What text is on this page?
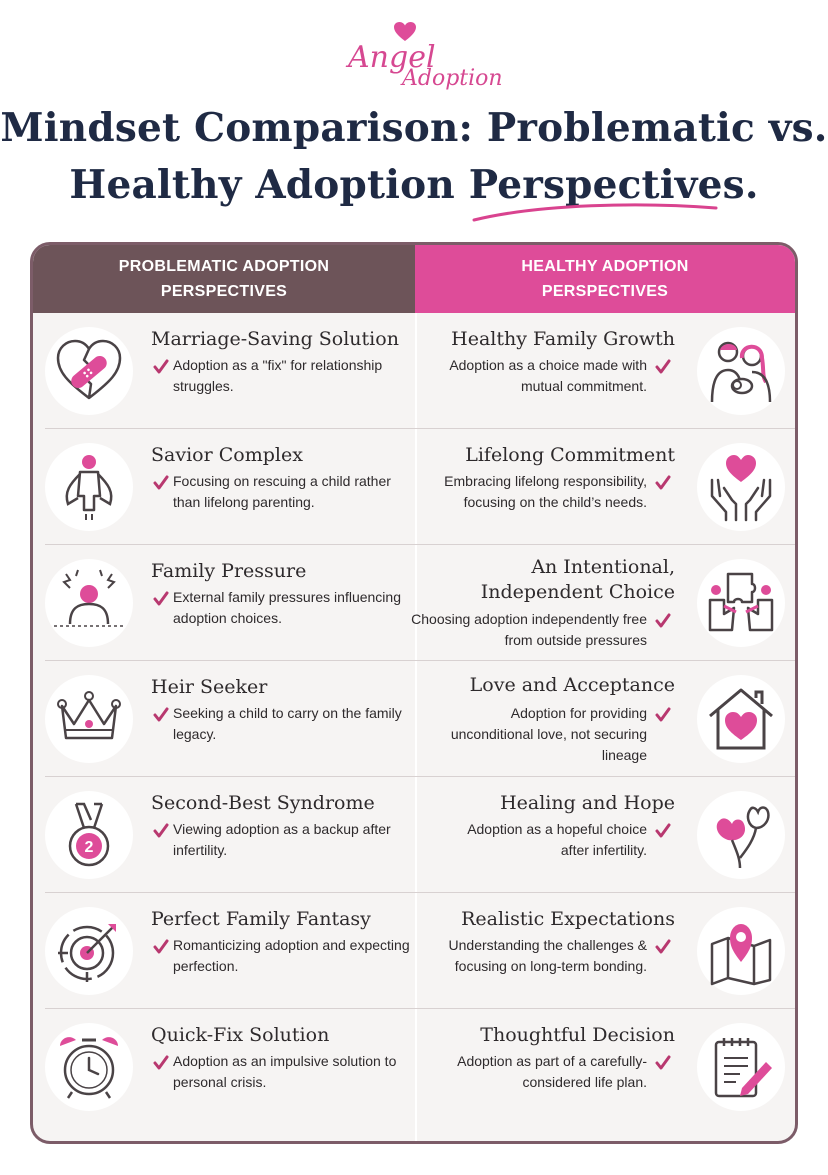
Angel
Adoption
Mindset Comparison: Problematic vs.
Healthy Adoption Perspectives.
PROBLEMATIC ADOPTION
PERSPECTIVES
HEALTHY ADOPTION
PERSPECTIVES
Marriage-Saving Solution
Adoption as a "fix" for relationship struggles.
Healthy Family Growth
Adoption as a choice made with mutual commitment.
Savior Complex
Focusing on rescuing a child rather than lifelong parenting.
Lifelong Commitment
Embracing lifelong responsibility, focusing on the child’s needs.
Family Pressure
External family pressures influencing adoption choices.
An Intentional,
Independent Choice
Choosing adoption independently free from outside pressures
Heir Seeker
Seeking a child to carry on the family legacy.
Love and Acceptance
Adoption for providing unconditional love, not securing lineage
2
Second-Best Syndrome
Viewing adoption as a backup after infertility.
Healing and Hope
Adoption as a hopeful choice after infertility.
Perfect Family Fantasy
Romanticizing adoption and expecting perfection.
Realistic Expectations
Understanding the challenges & focusing on long-term bonding.
Quick-Fix Solution
Adoption as an impulsive solution to personal crisis.
Thoughtful Decision
Adoption as part of a carefully-considered life plan.
